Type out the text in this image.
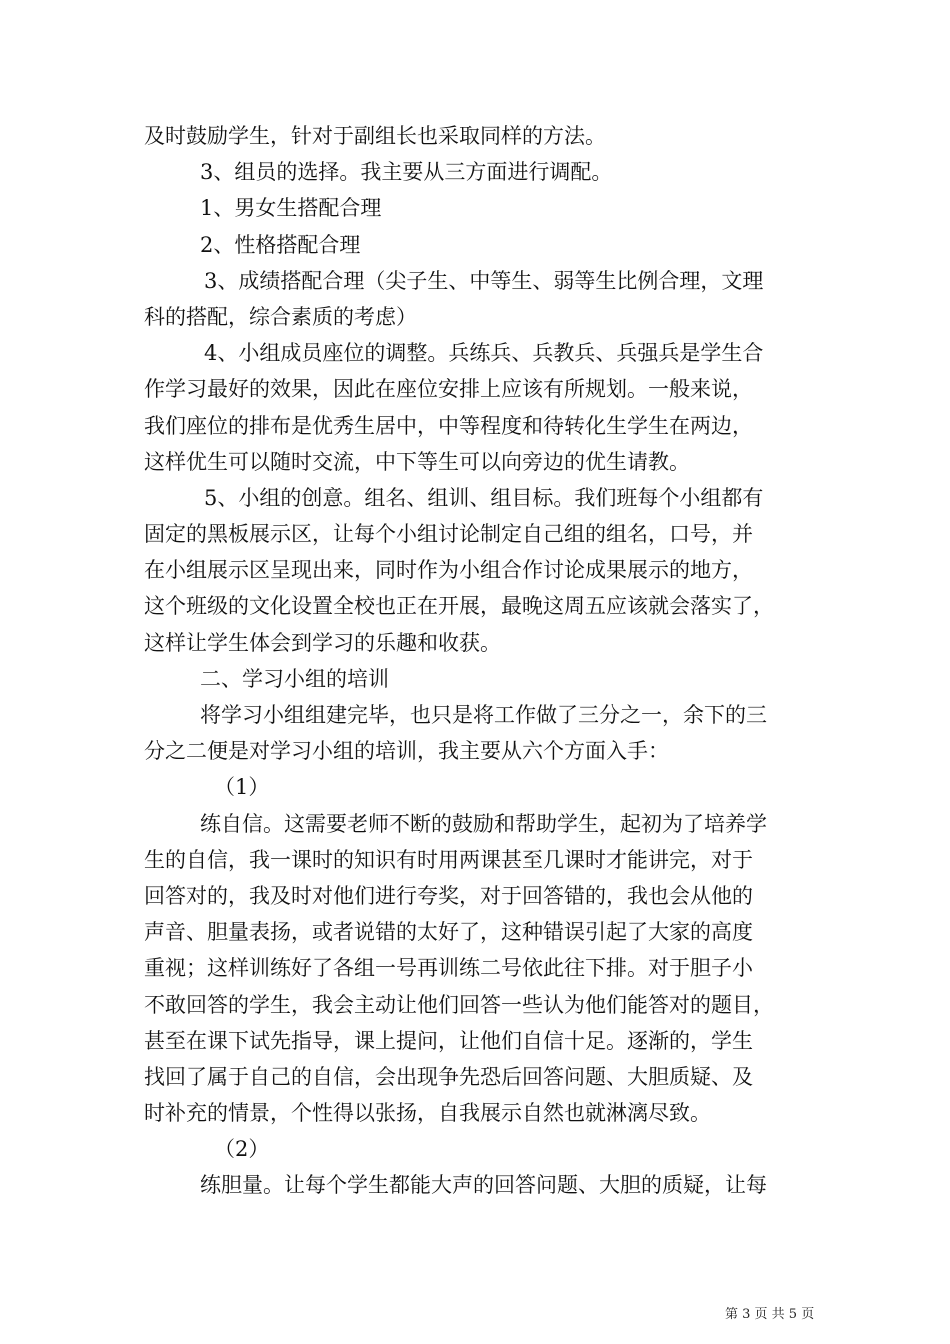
及时鼓励学生，针对于副组长也采取同样的方法。
3、组员的选择。我主要从三方面进行调配。
1、男女生搭配合理
2、性格搭配合理
3、成绩搭配合理（尖子生、中等生、弱等生比例合理，文理
科的搭配，综合素质的考虑）
4、小组成员座位的调整。兵练兵、兵教兵、兵强兵是学生合
作学习最好的效果，因此在座位安排上应该有所规划。一般来说，
我们座位的排布是优秀生居中，中等程度和待转化生学生在两边，
这样优生可以随时交流，中下等生可以向旁边的优生请教。
5、小组的创意。组名、组训、组目标。我们班每个小组都有
固定的黑板展示区，让每个小组讨论制定自己组的组名，口号，并
在小组展示区呈现出来，同时作为小组合作讨论成果展示的地方，
这个班级的文化设置全校也正在开展，最晚这周五应该就会落实了，
这样让学生体会到学习的乐趣和收获。
二、学习小组的培训
将学习小组组建完毕，也只是将工作做了三分之一，余下的三
分之二便是对学习小组的培训，我主要从六个方面入手：
（1）
练自信。这需要老师不断的鼓励和帮助学生，起初为了培养学
生的自信，我一课时的知识有时用两课甚至几课时才能讲完，对于
回答对的，我及时对他们进行夸奖，对于回答错的，我也会从他的
声音、胆量表扬，或者说错的太好了，这种错误引起了大家的高度
重视；这样训练好了各组一号再训练二号依此往下排。对于胆子小
不敢回答的学生，我会主动让他们回答一些认为他们能答对的题目，
甚至在课下试先指导，课上提问，让他们自信十足。逐渐的，学生
找回了属于自己的自信，会出现争先恐后回答问题、大胆质疑、及
时补充的情景，个性得以张扬，自我展示自然也就淋漓尽致。
（2）
练胆量。让每个学生都能大声的回答问题、大胆的质疑，让每
第 3 页 共 5 页
